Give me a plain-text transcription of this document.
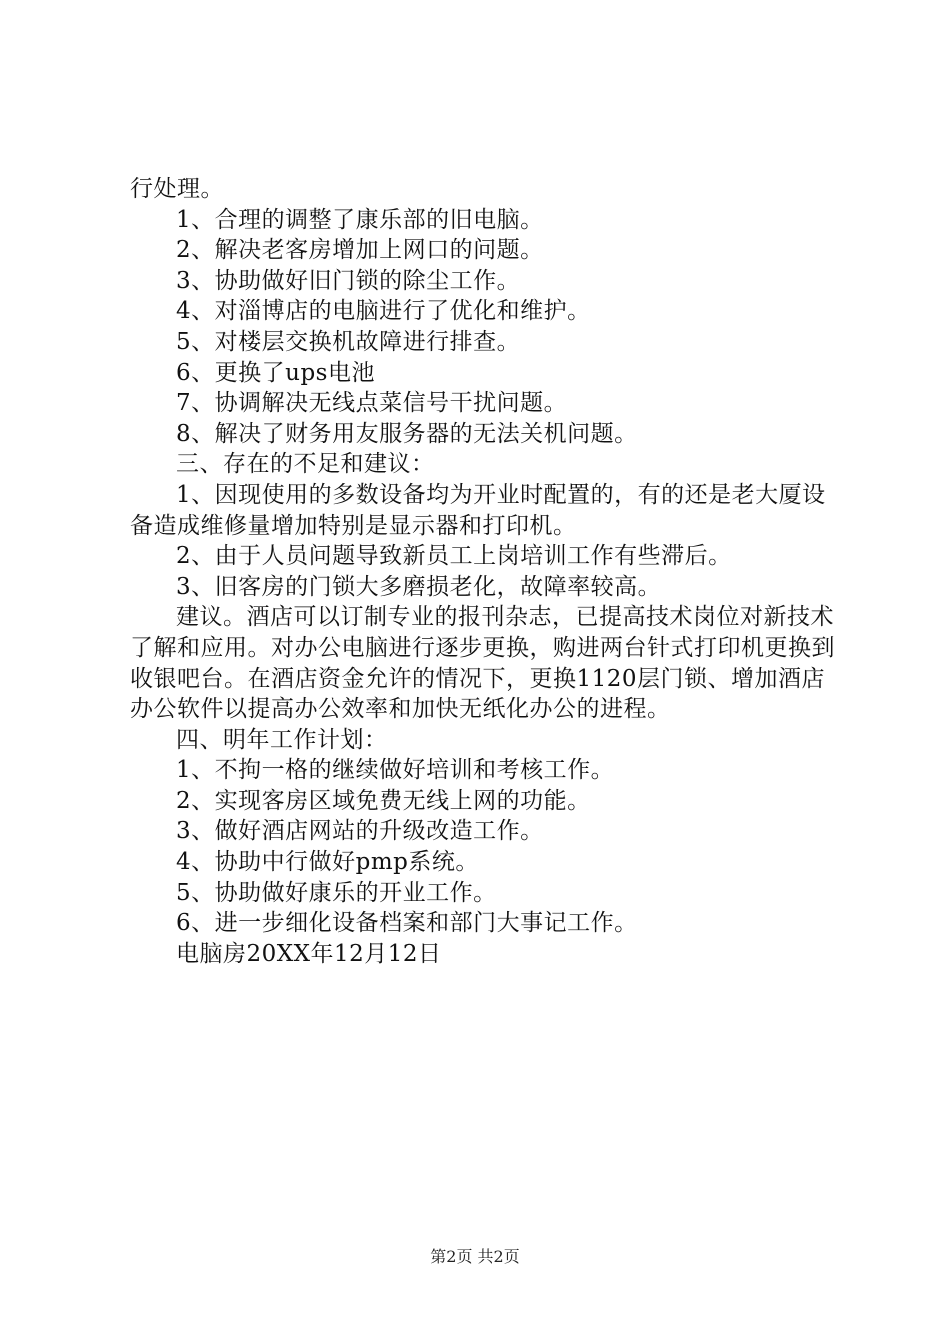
行处理。

1、合理的调整了康乐部的旧电脑。

2、解决老客房增加上网口的问题。

3、协助做好旧门锁的除尘工作。

4、对淄博店的电脑进行了优化和维护。

5、对楼层交换机故障进行排查。

6、更换了ups电池

7、协调解决无线点菜信号干扰问题。

8、解决了财务用友服务器的无法关机问题。

三、存在的不足和建议：

1、因现使用的多数设备均为开业时配置的，有的还是老大厦设备造成维修量增加特别是显示器和打印机。

2、由于人员问题导致新员工上岗培训工作有些滞后。

3、旧客房的门锁大多磨损老化，故障率较高。

建议。酒店可以订制专业的报刊杂志，已提高技术岗位对新技术了解和应用。对办公电脑进行逐步更换，购进两台针式打印机更换到收银吧台。在酒店资金允许的情况下，更换1120层门锁、增加酒店办公软件以提高办公效率和加快无纸化办公的进程。

四、明年工作计划：

1、不拘一格的继续做好培训和考核工作。

2、实现客房区域免费无线上网的功能。

3、做好酒店网站的升级改造工作。

4、协助中行做好pmp系统。

5、协助做好康乐的开业工作。

6、进一步细化设备档案和部门大事记工作。

电脑房20XX年12月12日

第2页 共2页
